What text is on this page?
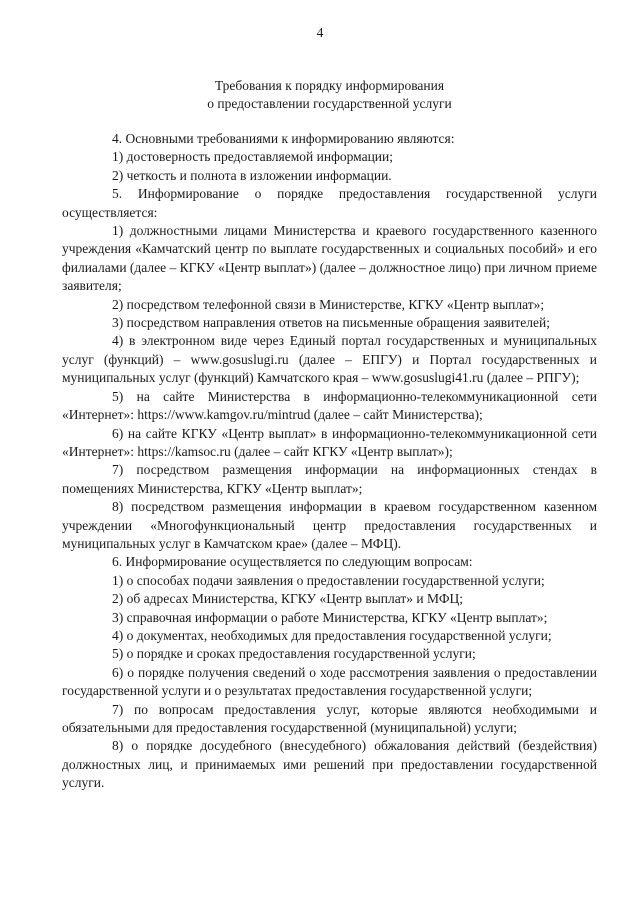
4
Требования к порядку информирования
о предоставлении государственной услуги

4. Основными требованиями к информированию являются:

1) достоверность предоставляемой информации;

2) четкость и полнота в изложении информации.

5. Информирование о порядке предоставления государственной услуги осуществляется:

1) должностными лицами Министерства и краевого государственного казенного учреждения «Камчатский центр по выплате государственных и социальных пособий» и его филиалами (далее – КГКУ «Центр выплат») (далее – должностное лицо) при личном приеме заявителя;

2) посредством телефонной связи в Министерстве, КГКУ «Центр выплат»;

3) посредством направления ответов на письменные обращения заявителей;

4) в электронном виде через Единый портал государственных и муниципальных услуг (функций) – www.gosuslugi.ru (далее – ЕПГУ) и Портал государственных и муниципальных услуг (функций) Камчатского края – www.gosuslugi41.ru (далее – РПГУ);

5) на сайте Министерства в информационно-телекоммуникационной сети «Интернет»: https://www.kamgov.ru/mintrud (далее – сайт Министерства);

6) на сайте КГКУ «Центр выплат» в информационно-телекоммуникационной сети «Интернет»: https://kamsoc.ru (далее – сайт КГКУ «Центр выплат»);

7) посредством размещения информации на информационных стендах в помещениях Министерства, КГКУ «Центр выплат»;

8) посредством размещения информации в краевом государственном казенном учреждении «Многофункциональный центр предоставления государственных и муниципальных услуг в Камчатском крае» (далее – МФЦ).

6. Информирование осуществляется по следующим вопросам:

1) о способах подачи заявления о предоставлении государственной услуги;

2) об адресах Министерства, КГКУ «Центр выплат» и МФЦ;

3) справочная информации о работе Министерства, КГКУ «Центр выплат»;

4) о документах, необходимых для предоставления государственной услуги;

5) о порядке и сроках предоставления государственной услуги;

6) о порядке получения сведений о ходе рассмотрения заявления о предоставлении государственной услуги и о результатах предоставления государственной услуги;

7) по вопросам предоставления услуг, которые являются необходимыми и обязательными для предоставления государственной (муниципальной) услуги;

8) о порядке досудебного (внесудебного) обжалования действий (бездействия) должностных лиц, и принимаемых ими решений при предоставлении государственной услуги.
